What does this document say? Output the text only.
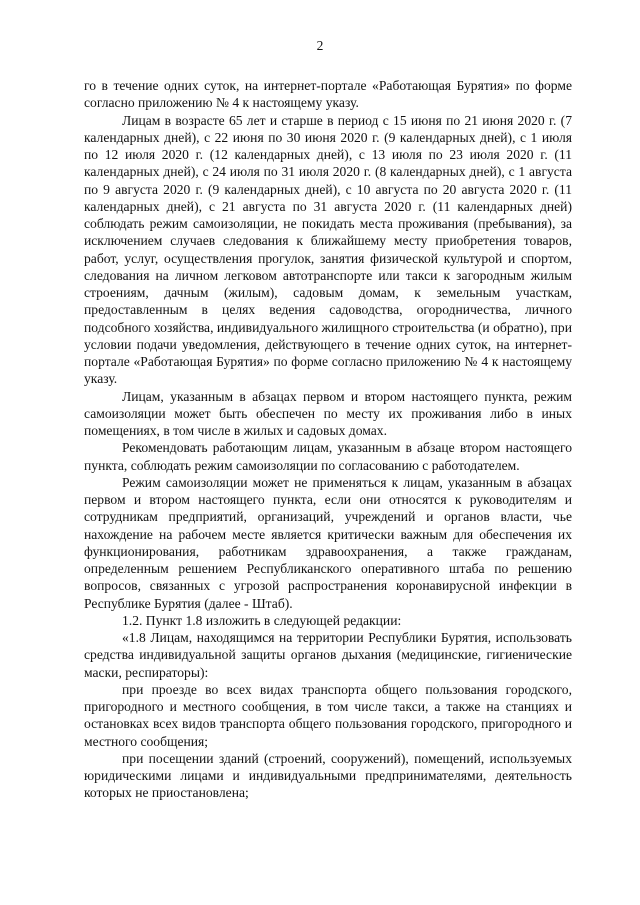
2

го в течение одних суток, на интернет-портале «Работающая Бурятия» по форме согласно приложению № 4 к настоящему указу.

Лицам в возрасте 65 лет и старше в период с 15 июня по 21 июня 2020 г. (7 календарных дней), с 22 июня по 30 июня 2020 г. (9 календарных дней), с 1 июля по 12 июля 2020 г. (12 календарных дней), с 13 июля по 23 июля 2020 г. (11 календарных дней), с 24 июля по 31 июля 2020 г. (8 календарных дней), с 1 августа по 9 августа 2020 г. (9 календарных дней), с 10 августа по 20 августа 2020 г. (11 календарных дней), с 21 августа по 31 августа 2020 г. (11 календарных дней) соблюдать режим самоизоляции, не покидать места проживания (пребывания), за исключением случаев следования к ближайшему месту приобретения товаров, работ, услуг, осуществления прогулок, занятия физической культурой и спортом, следования на личном легковом автотранспорте или такси к загородным жилым строениям, дачным (жилым), садовым домам, к земельным участкам, предоставленным в целях ведения садоводства, огородничества, личного подсобного хозяйства, индивидуального жилищного строительства (и обратно), при условии подачи уведомления, действующего в течение одних суток, на интернет-портале «Работающая Бурятия» по форме согласно приложению № 4 к настоящему указу.

Лицам, указанным в абзацах первом и втором настоящего пункта, режим самоизоляции может быть обеспечен по месту их проживания либо в иных помещениях, в том числе в жилых и садовых домах.

Рекомендовать работающим лицам, указанным в абзаце втором настоящего пункта, соблюдать режим самоизоляции по согласованию с работодателем.

Режим самоизоляции может не применяться к лицам, указанным в абзацах первом и втором настоящего пункта, если они относятся к руководителям и сотрудникам предприятий, организаций, учреждений и органов власти, чье нахождение на рабочем месте является критически важным для обеспечения их функционирования, работникам здравоохранения, а также гражданам, определенным решением Республиканского оперативного штаба по решению вопросов, связанных с угрозой распространения коронавирусной инфекции в Республике Бурятия (далее - Штаб).

1.2. Пункт 1.8 изложить в следующей редакции:

«1.8 Лицам, находящимся на территории Республики Бурятия, использовать средства индивидуальной защиты органов дыхания (медицинские, гигиенические маски, респираторы):

при проезде во всех видах транспорта общего пользования городского, пригородного и местного сообщения, в том числе такси, а также на станциях и остановках всех видов транспорта общего пользования городского, пригородного и местного сообщения;

при посещении зданий (строений, сооружений), помещений, используемых юридическими лицами и индивидуальными предпринимателями, деятельность которых не приостановлена;
